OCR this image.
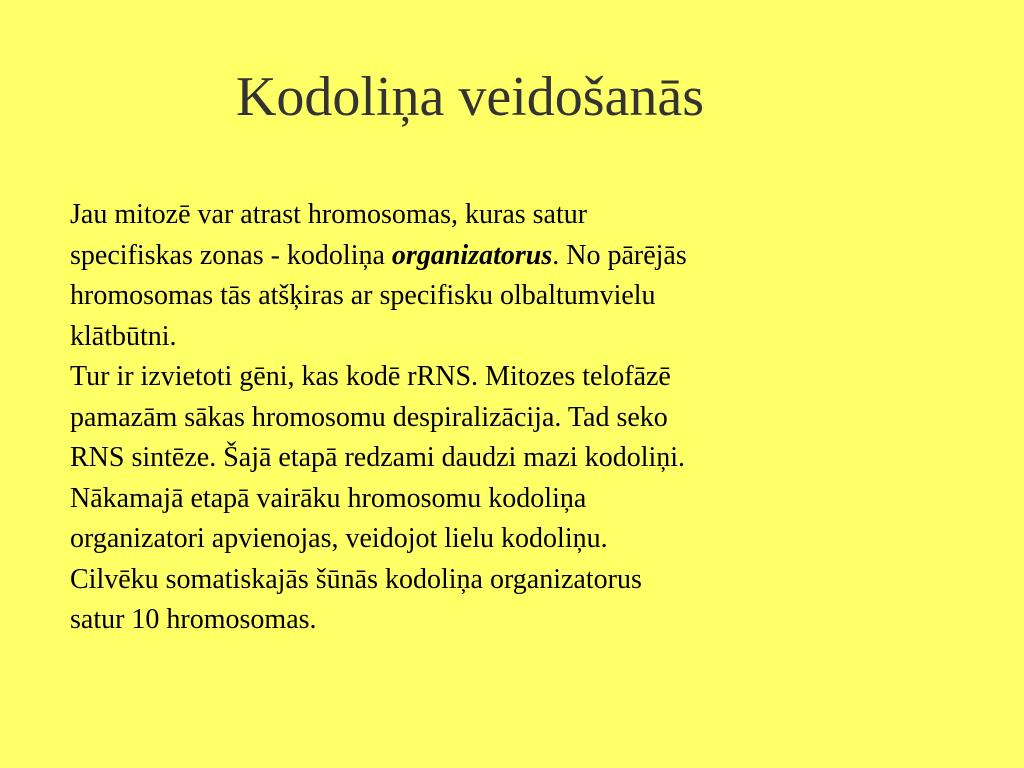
Kodoliņa veidošanās
Jau mitozē var atrast hromosomas, kuras satur
specifiskas zonas - kodoliņa organizatorus. No pārējās
hromosomas tās atšķiras ar specifisku olbaltumvielu
klātbūtni.
Tur ir izvietoti gēni, kas kodē rRNS. Mitozes telofāzē
pamazām sākas hromosomu despiralizācija. Tad seko
RNS sintēze. Šajā etapā redzami daudzi mazi kodoliņi.
Nākamajā etapā vairāku hromosomu kodoliņa
organizatori apvienojas, veidojot lielu kodoliņu.
Cilvēku somatiskajās šūnās kodoliņa organizatorus
satur 10 hromosomas.
